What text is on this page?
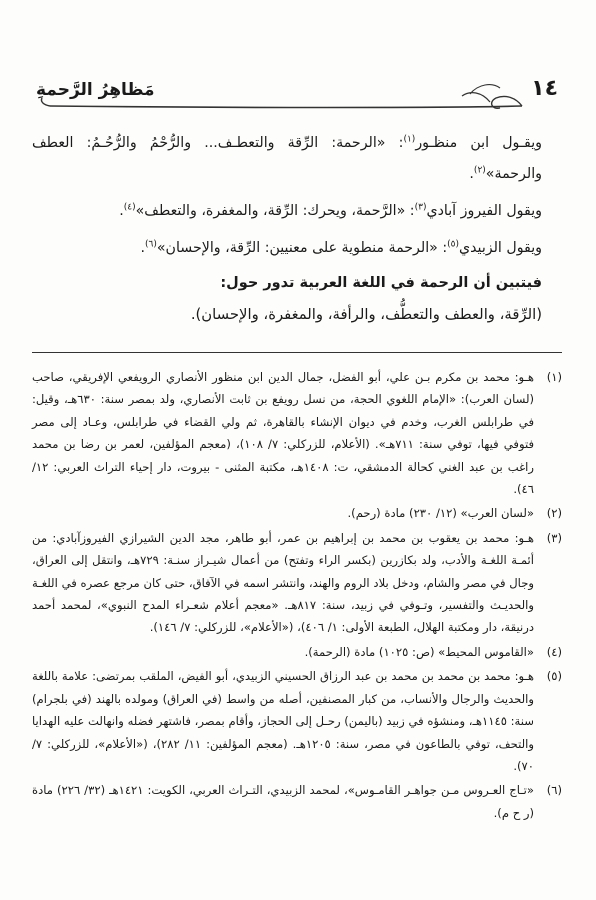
١٤
مَظاهِرُ الرَّحمةِ

ويقـول ابن منظـور$^{(١)}$: «الرحمة: الرِّقة والتعطـف... والرُّحْمُ والرُّحُـمُ: العطف والرحمة»$^{(٢)}$.

ويقول الفيروز آبادي$^{(٣)}$: «الرَّحمة، ويحرك: الرِّقة، والمغفرة، والتعطف»$^{(٤)}$.

ويقول الزبيدي$^{(٥)}$: «الرحمة منطوية على معنيين: الرِّقة، والإحسان»$^{(٦)}$.

فيتبين أن الرحمة في اللغة العربية تدور حول:

(الرِّقة، والعطف والتعطُّف، والرأفة، والمغفرة، والإحسان).

(١)
هـو: محمد بن مكرم بـن علي، أبو الفضل، جمال الدين ابن منظور الأنصاري الرويفعي الإفريقي، صاحب (لسان العرب): «الإمام اللغوي الحجة، من نسل رويفع بن ثابت الأنصاري، ولد بمصر سنة: ٦٣٠هـ، وقيل: في طرابلس الغرب، وخدم في ديوان الإنشاء بالقاهرة، ثم ولي القضاء في طرابلس، وعـاد إلى مصر فتوفي فيها، توفي سنة: ٧١١هـ». (الأعلام، للزركلي: ٧/ ١٠٨)، (معجم المؤلفين، لعمر بن رضا بن محمد راغب بن عبد الغني كحالة الدمشقي، ت: ١٤٠٨هـ، مكتبة المثنى - بيروت، دار إحياء التراث العربي: ١٢/ ٤٦).
(٢)
«لسان العرب» (١٢/ ٢٣٠) مادة (رحم).
(٣)
هـو: محمد بن يعقوب بن محمد بن إبراهيم بن عمر، أبو طاهر، مجد الدين الشيرازي الفيروزآبادي: من أئمـة اللغـة والأدب، ولد بكازرين (بكسر الراء وتفتح) من أعمال شيـراز سنـة: ٧٢٩هـ، وانتقل إلى العراق، وجال في مصر والشام، ودخل بلاد الروم والهند، وانتشر اسمه في الآفاق، حتى كان مرجع عصره في اللغـة والحديـث والتفسير، وتـوفي في زبيد، سنة: ٨١٧هـ. «معجم أعلام شعـراء المدح النبوي»، لمحمد أحمد درنيقة، دار ومكتبة الهلال، الطبعة الأولى: ١/ ٤٠٦)، («الأعلام»، للزركلي: ٧/ ١٤٦).
(٤)
«القاموس المحيط» (ص: ١٠٢٥) مادة (الرحمة).
(٥)
هـو: محمد بن محمد بن محمد بن عبد الرزاق الحسيني الزبيدي، أبو الفيض، الملقب بمرتضى: علامة باللغة والحديث والرجال والأنساب، من كبار المصنفين، أصله من واسط (في العراق) ومولده بالهند (في بلجرام) سنة: ١١٤٥هـ، ومنشؤه في زبيد (باليمن) رحـل إلى الحجاز، وأقام بمصر، فاشتهر فضله وانهالت عليه الهدايا والتحف، توفي بالطاعون في مصر، سنة: ١٢٠٥هـ. (معجم المؤلفين: ١١/ ٢٨٢)، («الأعلام»، للزركلي: ٧/ ٧٠).
(٦)
«تـاج العـروس مـن جواهـر القامـوس»، لمحمد الزبيدي، التـراث العربي، الكويت: ١٤٢١هـ (٣٢/ ٢٢٦) مادة (ر ح م).
